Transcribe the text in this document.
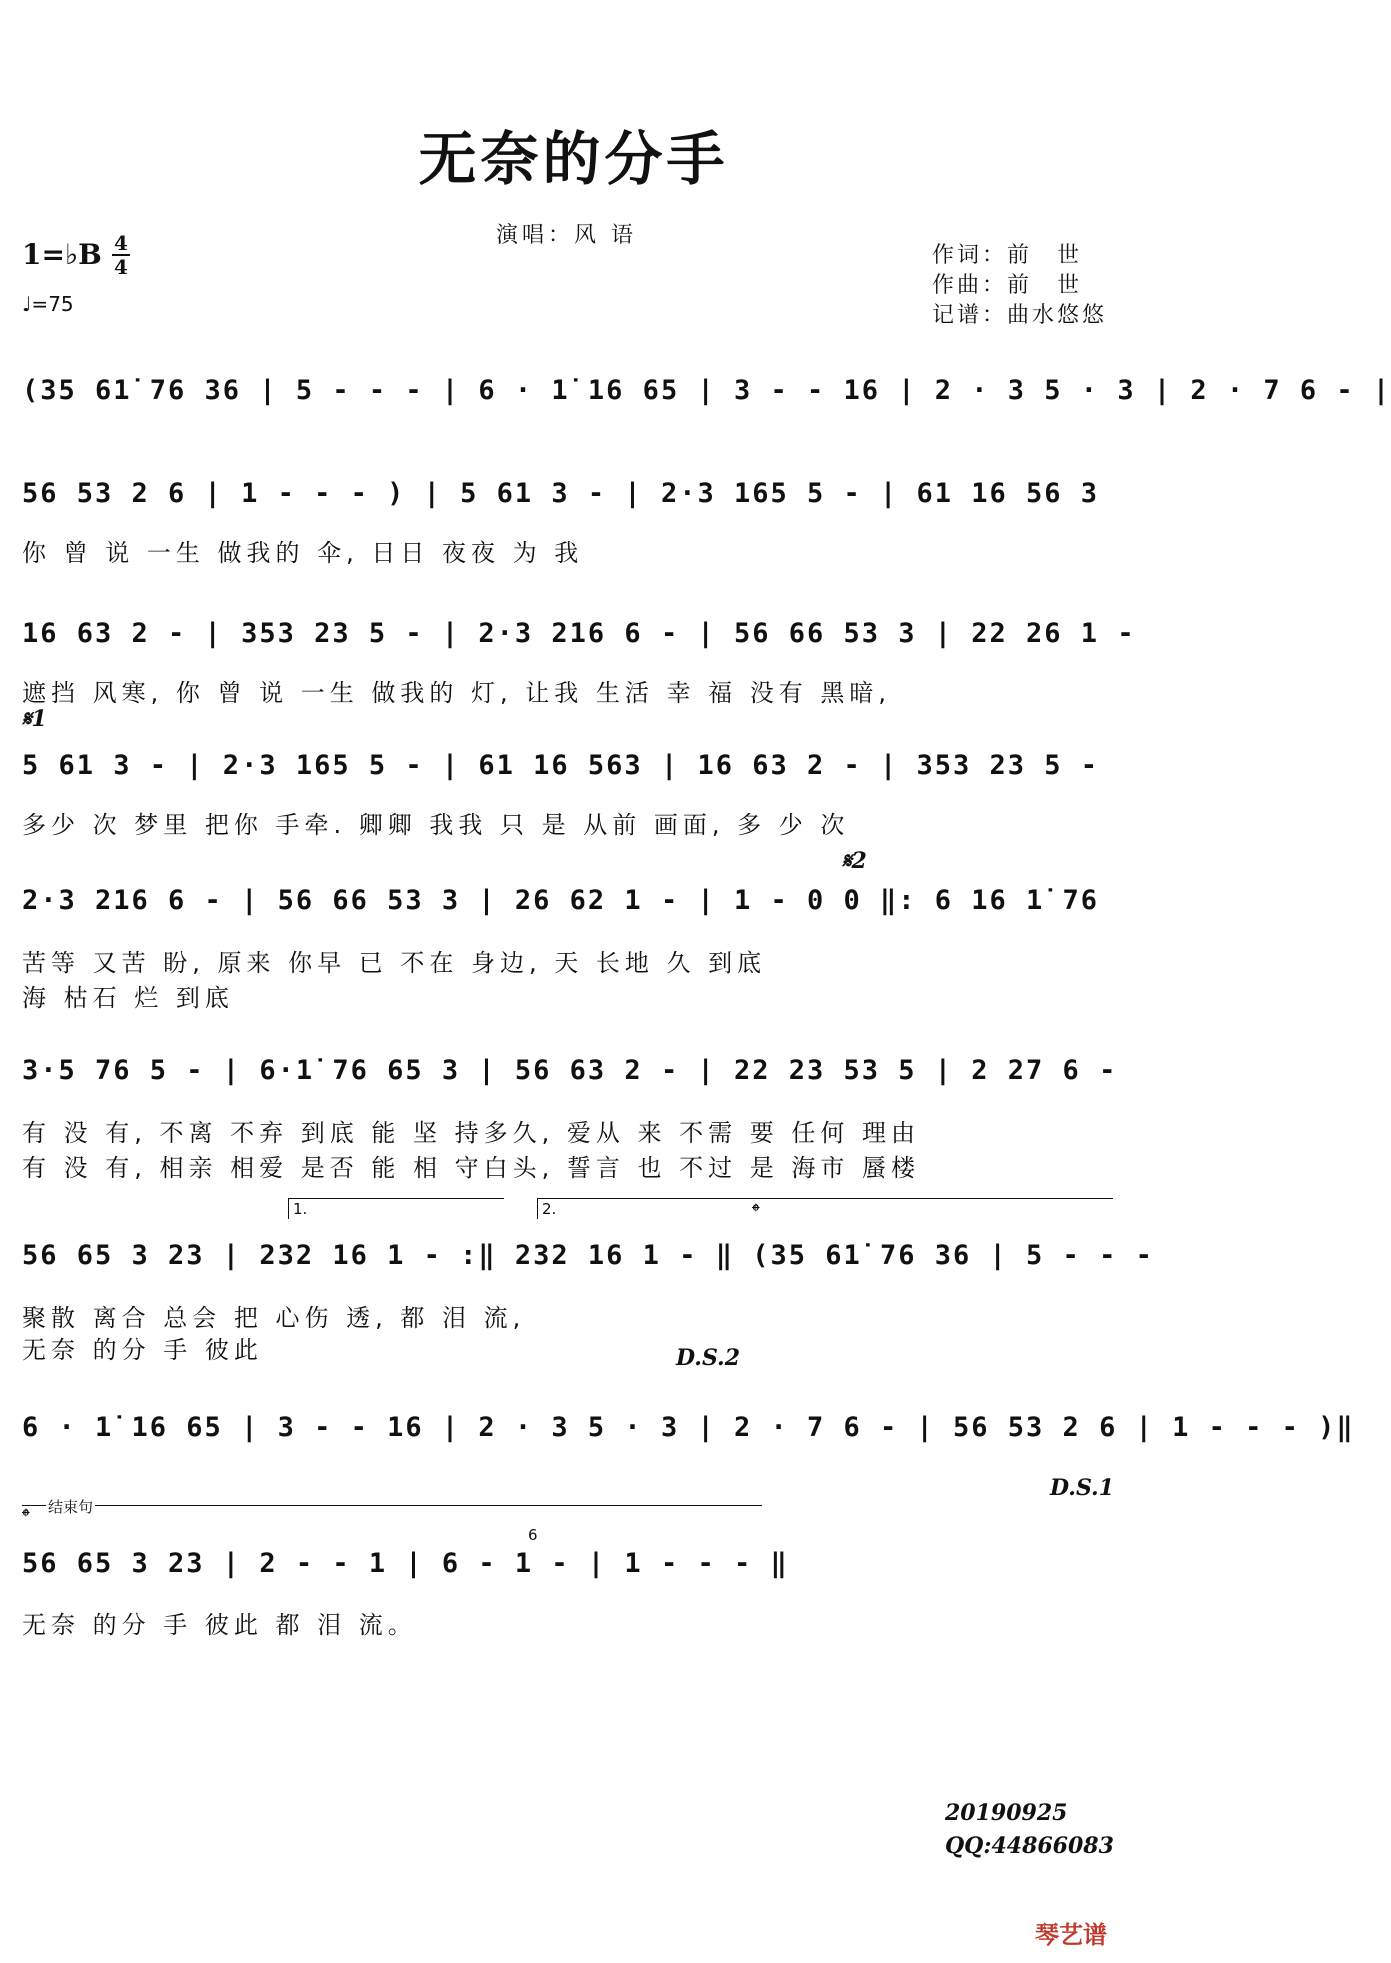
无奈的分手
演唱：风 语
1=♭B 4
4
♩=75
作词：前　世
作曲：前　世
记谱：曲水悠悠
(35 61̇ 76 36 | 5 - - - | 6 · 1̇ 16 65 | 3 - - 16 | 2 · 3 5 · 3 | 2 · 7 6 - |
56 53 2 6 | 1 - - - ) | 5 61 3 - | 2·3 165 5 - | 61 16 56 3
你 曾 说 一生 做我的 伞, 日日 夜夜 为 我
16 63 2 - | 353 23 5 - | 2·3 216 6 - | 56 66 53 3 | 22 26 1 -
遮挡 风寒, 你 曾 说 一生 做我的 灯, 让我 生活 幸 福 没有 黑暗,
𝄋1
5 61 3 - | 2·3 165 5 - | 61 16 563 | 16 63 2 - | 353 23 5 -
多少 次 梦里 把你 手牵. 卿卿 我我 只 是 从前 画面, 多 少 次
𝄋2
2·3 216 6 - | 56 66 53 3 | 26 62 1 - | 1 - 0 0 ‖: 6 16 1̇ 76
苦等 又苦 盼, 原来 你早 已 不在 身边, 天 长地 久 到底
海 枯石 烂 到底
3·5 76 5 - | 6·1̇ 76 65 3 | 56 63 2 - | 22 23 53 5 | 2 27 6 -
有 没 有, 不离 不弃 到底 能 坚 持多久, 爱从 来 不需 要 任何 理由
有 没 有, 相亲 相爱 是否 能 相 守白头, 誓言 也 不过 是 海市 蜃楼
1.	2.	𝄌
56 65 3 23 | 232 16 1 - :‖ 232 16 1 - ‖ (35 61̇ 76 36 | 5 - - -
聚散 离合 总会 把 心伤 透, 都 泪 流,
无奈 的分 手 彼此	D.S.2
6 · 1̇ 16 65 | 3 - - 16 | 2 · 3 5 · 3 | 2 · 7 6 - | 56 53 2 6 | 1 - - - )‖
D.S.1
𝄌 结束句
6
56 65 3 23 | 2 - - 1 | 6 - 1 - | 1 - - - ‖
无奈 的分 手 彼此 都 泪 流。
20190925
QQ:44866083
琴艺谱
